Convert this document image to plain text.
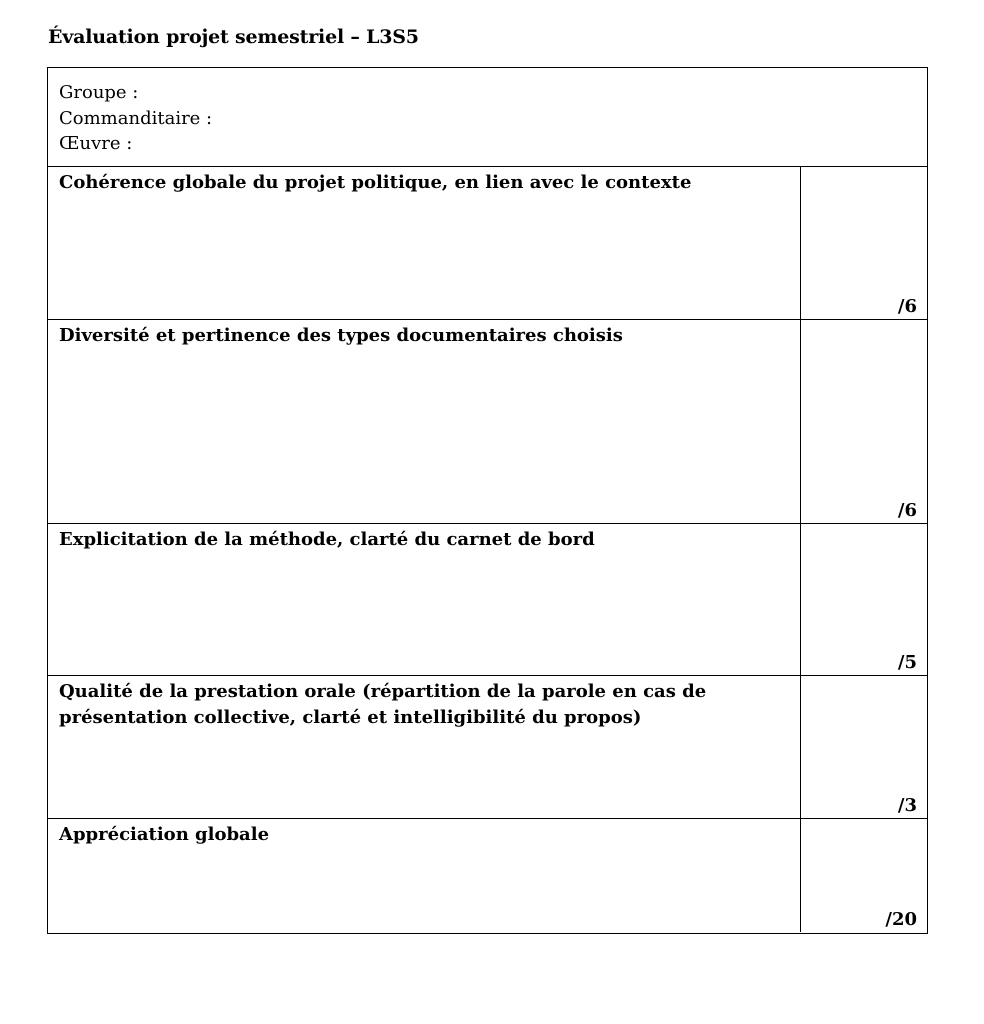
Évaluation projet semestriel – L3S5
Groupe :
Commanditaire :
Œuvre :
Cohérence globale du projet politique, en lien avec le contexte
/6
Diversité et pertinence des types documentaires choisis
/6
Explicitation de la méthode, clarté du carnet de bord
/5
Qualité de la prestation orale (répartition de la parole en cas de présentation collective, clarté et intelligibilité du propos)
/3
Appréciation globale
/20
